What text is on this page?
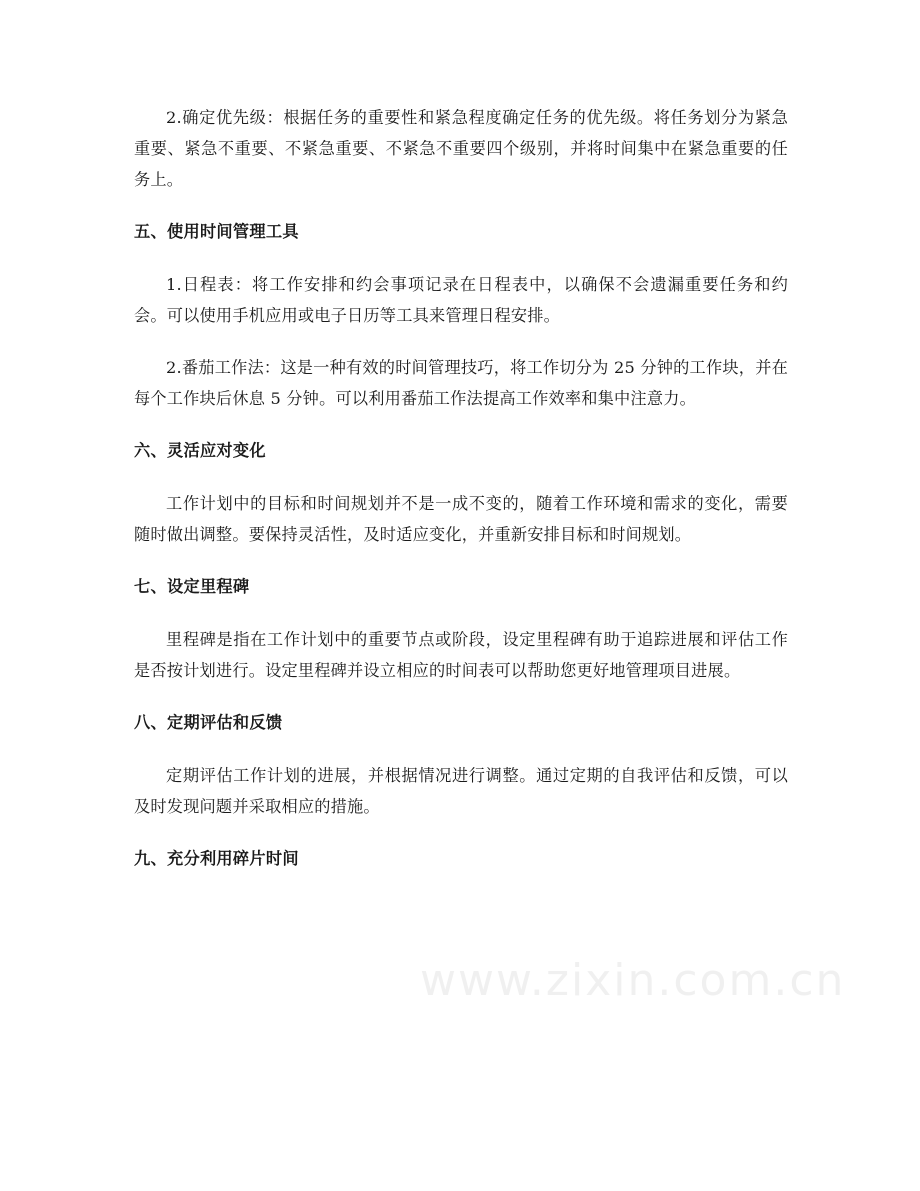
2.确定优先级：根据任务的重要性和紧急程度确定任务的优先级。将任务划分为紧急重要、紧急不重要、不紧急重要、不紧急不重要四个级别，并将时间集中在紧急重要的任务上。

五、使用时间管理工具

1.日程表：将工作安排和约会事项记录在日程表中，以确保不会遗漏重要任务和约会。可以使用手机应用或电子日历等工具来管理日程安排。

2.番茄工作法：这是一种有效的时间管理技巧，将工作切分为 25 分钟的工作块，并在每个工作块后休息 5 分钟。可以利用番茄工作法提高工作效率和集中注意力。

六、灵活应对变化

工作计划中的目标和时间规划并不是一成不变的，随着工作环境和需求的变化，需要随时做出调整。要保持灵活性，及时适应变化，并重新安排目标和时间规划。

七、设定里程碑

里程碑是指在工作计划中的重要节点或阶段，设定里程碑有助于追踪进展和评估工作是否按计划进行。设定里程碑并设立相应的时间表可以帮助您更好地管理项目进展。

八、定期评估和反馈

定期评估工作计划的进展，并根据情况进行调整。通过定期的自我评估和反馈，可以及时发现问题并采取相应的措施。

九、充分利用碎片时间
www.zixin.com.cn
